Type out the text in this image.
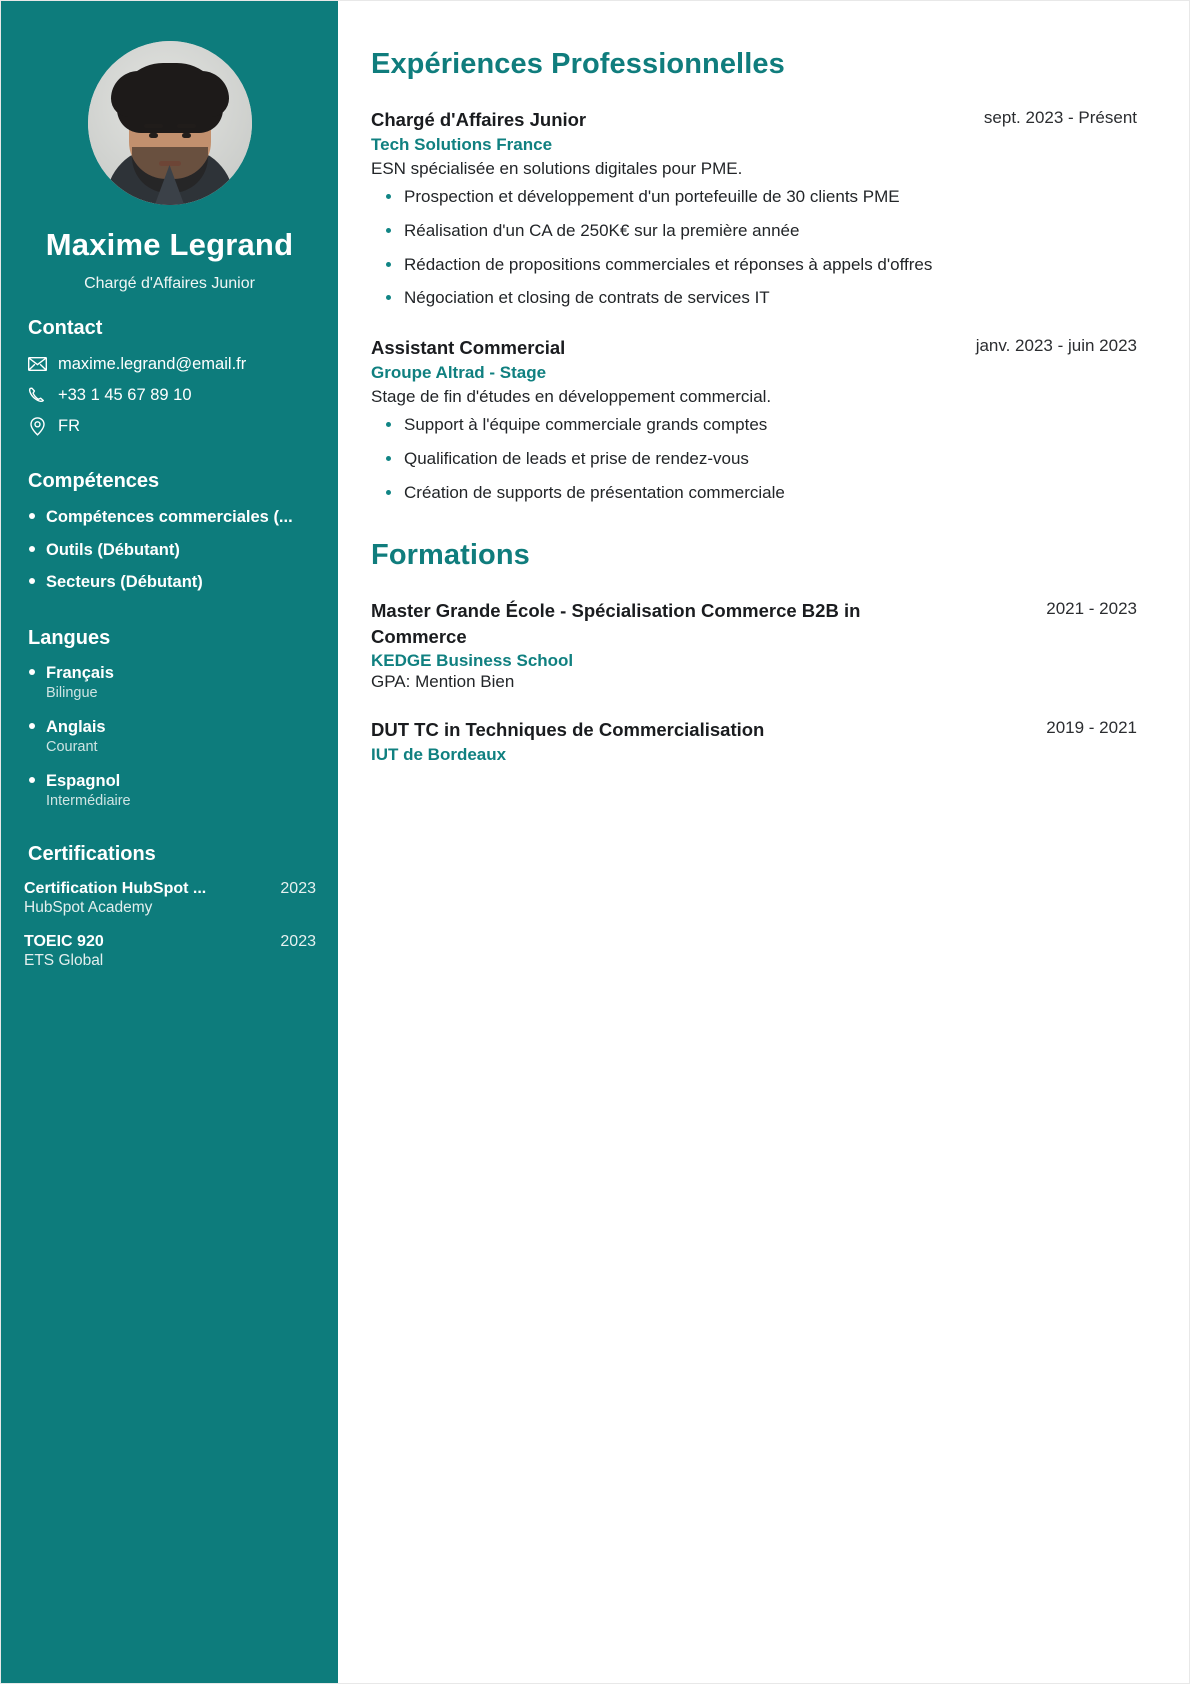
Maxime Legrand
Chargé d'Affaires Junior
Contact
maxime.legrand@email.fr
+33 1 45 67 89 10
FR
Compétences
Compétences commerciales (...
Outils (Débutant)
Secteurs (Débutant)
Langues
Français
Bilingue
Anglais
Courant
Espagnol
Intermédiaire
Certifications
Certification HubSpot ...	2023
HubSpot Academy
TOEIC 920	2023
ETS Global
Expériences Professionnelles
Chargé d'Affaires Junior	sept. 2023 - Présent
Tech Solutions France
ESN spécialisée en solutions digitales pour PME.
Prospection et développement d'un portefeuille de 30 clients PME
Réalisation d'un CA de 250K€ sur la première année
Rédaction de propositions commerciales et réponses à appels d'offres
Négociation et closing de contrats de services IT
Assistant Commercial	janv. 2023 - juin 2023
Groupe Altrad - Stage
Stage de fin d'études en développement commercial.
Support à l'équipe commerciale grands comptes
Qualification de leads et prise de rendez-vous
Création de supports de présentation commerciale
Formations
Master Grande École - Spécialisation Commerce B2B in Commerce
2021 - 2023
KEDGE Business School
GPA: Mention Bien
DUT TC in Techniques de Commercialisation	2019 - 2021
IUT de Bordeaux
